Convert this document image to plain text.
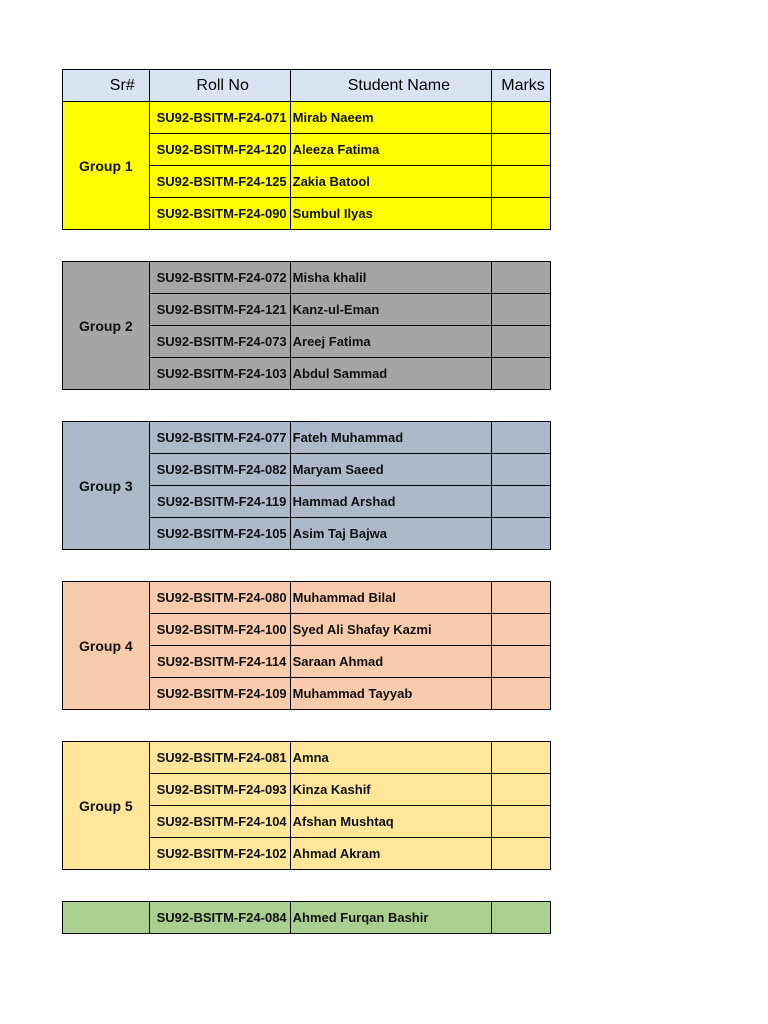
Sr#	Roll No	Student Name	Marks
Group 1	SU92-BSITM-F24-071	Mirab Naeem	
	SU92-BSITM-F24-120	Aleeza Fatima	
	SU92-BSITM-F24-125	Zakia Batool	
	SU92-BSITM-F24-090	Sumbul Ilyas	

Group 2	SU92-BSITM-F24-072	Misha khalil	
	SU92-BSITM-F24-121	Kanz-ul-Eman	
	SU92-BSITM-F24-073	Areej Fatima	
	SU92-BSITM-F24-103	Abdul Sammad	

Group 3	SU92-BSITM-F24-077	Fateh Muhammad	
	SU92-BSITM-F24-082	Maryam Saeed	
	SU92-BSITM-F24-119	Hammad Arshad	
	SU92-BSITM-F24-105	Asim Taj Bajwa	

Group 4	SU92-BSITM-F24-080	Muhammad Bilal	
	SU92-BSITM-F24-100	Syed Ali Shafay Kazmi	
	SU92-BSITM-F24-114	Saraan Ahmad	
	SU92-BSITM-F24-109	Muhammad Tayyab	

Group 5	SU92-BSITM-F24-081	Amna	
	SU92-BSITM-F24-093	Kinza Kashif	
	SU92-BSITM-F24-104	Afshan Mushtaq	
	SU92-BSITM-F24-102	Ahmad Akram	

	SU92-BSITM-F24-084	Ahmed Furqan Bashir	
